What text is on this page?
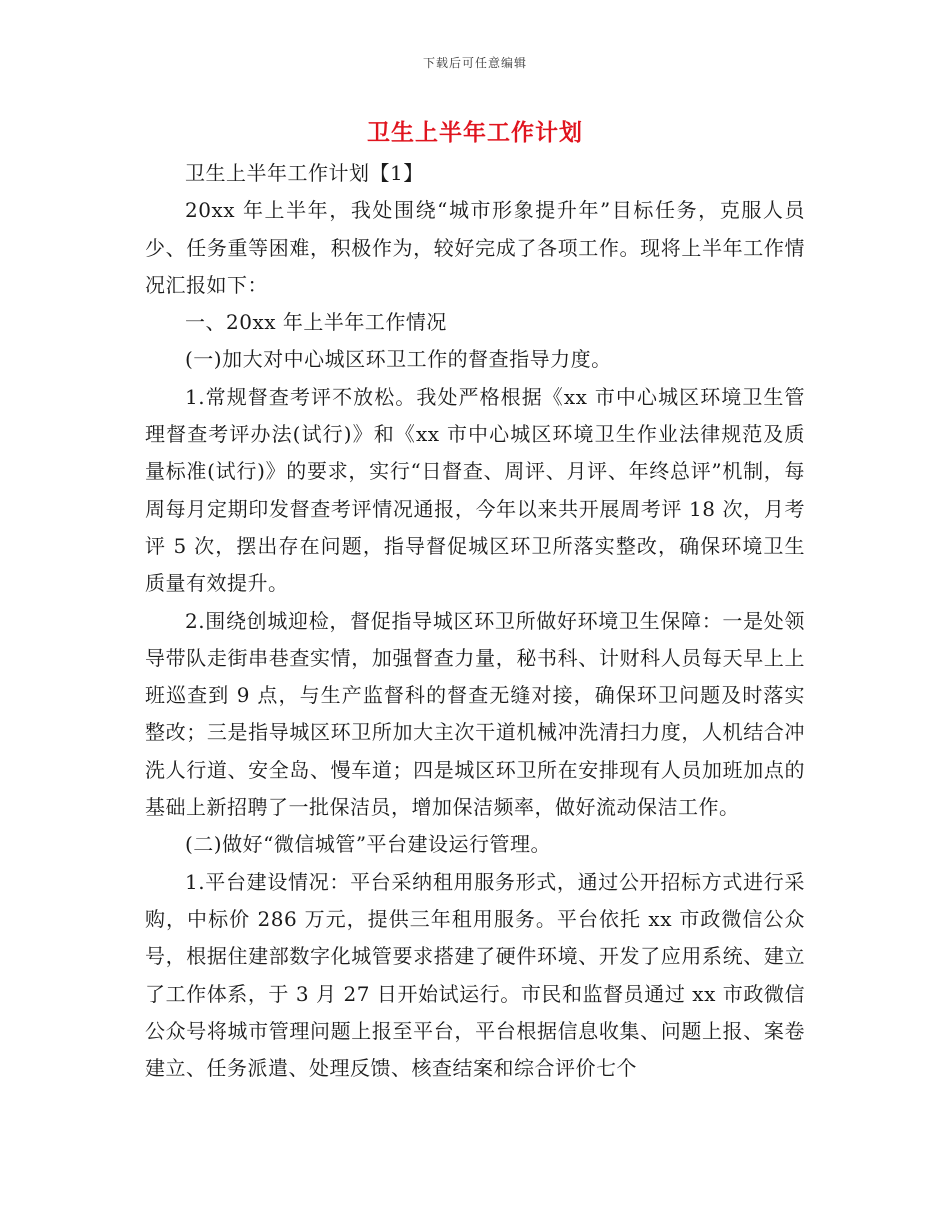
下载后可任意编辑
卫生上半年工作计划

卫生上半年工作计划【1】

20xx 年上半年，我处围绕“城市形象提升年”目标任务，克服人员少、任务重等困难，积极作为，较好完成了各项工作。现将上半年工作情况汇报如下：

一、20xx 年上半年工作情况

(一)加大对中心城区环卫工作的督查指导力度。

1.常规督查考评不放松。我处严格根据《xx 市中心城区环境卫生管理督查考评办法(试行)》和《xx 市中心城区环境卫生作业法律规范及质量标准(试行)》的要求，实行“日督查、周评、月评、年终总评”机制，每周每月定期印发督查考评情况通报，今年以来共开展周考评 18 次，月考评 5 次，摆出存在问题，指导督促城区环卫所落实整改，确保环境卫生质量有效提升。

2.围绕创城迎检，督促指导城区环卫所做好环境卫生保障：一是处领导带队走街串巷查实情，加强督查力量，秘书科、计财科人员每天早上上班巡查到 9 点，与生产监督科的督查无缝对接，确保环卫问题及时落实整改；三是指导城区环卫所加大主次干道机械冲洗清扫力度，人机结合冲洗人行道、安全岛、慢车道；四是城区环卫所在安排现有人员加班加点的基础上新招聘了一批保洁员，增加保洁频率，做好流动保洁工作。

(二)做好“微信城管”平台建设运行管理。

1.平台建设情况：平台采纳租用服务形式，通过公开招标方式进行采购，中标价 286 万元，提供三年租用服务。平台依托 xx 市政微信公众号，根据住建部数字化城管要求搭建了硬件环境、开发了应用系统、建立了工作体系，于 3 月 27 日开始试运行。市民和监督员通过 xx 市政微信公众号将城市管理问题上报至平台，平台根据信息收集、问题上报、案卷建立、任务派遣、处理反馈、核查结案和综合评价七个
